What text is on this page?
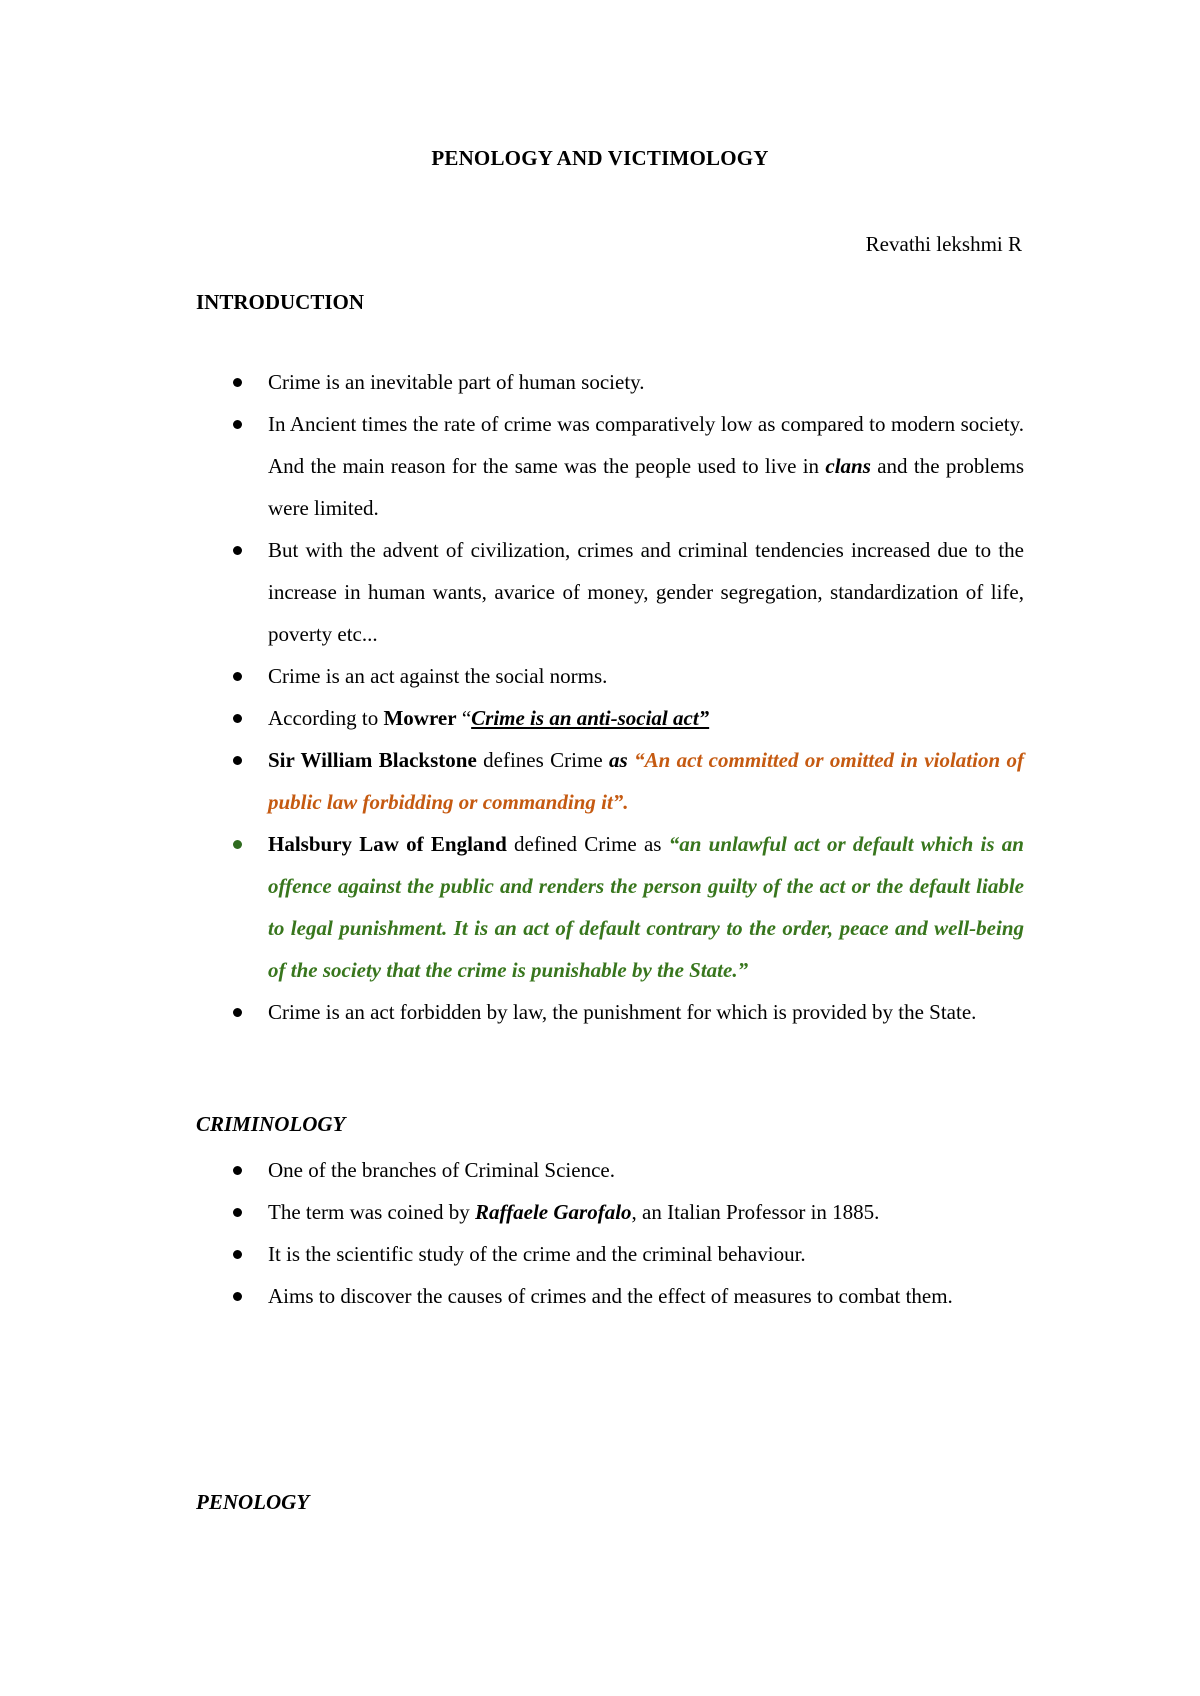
PENOLOGY AND VICTIMOLOGY
Revathi lekshmi R
INTRODUCTION
Crime is an inevitable part of human society.
In Ancient times the rate of crime was comparatively low as compared to modern society. And the main reason for the same was the people used to live in clans and the problems were limited.
But with the advent of civilization, crimes and criminal tendencies increased due to the increase in human wants, avarice of money, gender segregation, standardization of life, poverty etc...
Crime is an act against the social norms.
According to Mowrer “Crime is an anti-social act”
Sir William Blackstone defines Crime as “An act committed or omitted in violation of public law forbidding or commanding it”.
Halsbury Law of England defined Crime as “an unlawful act or default which is an offence against the public and renders the person guilty of the act or the default liable to legal punishment. It is an act of default contrary to the order, peace and well-being of the society that the crime is punishable by the State.”
Crime is an act forbidden by law, the punishment for which is provided by the State.
CRIMINOLOGY
One of the branches of Criminal Science.
The term was coined by Raffaele Garofalo, an Italian Professor in 1885.
It is the scientific study of the crime and the criminal behaviour.
Aims to discover the causes of crimes and the effect of measures to combat them.
PENOLOGY
